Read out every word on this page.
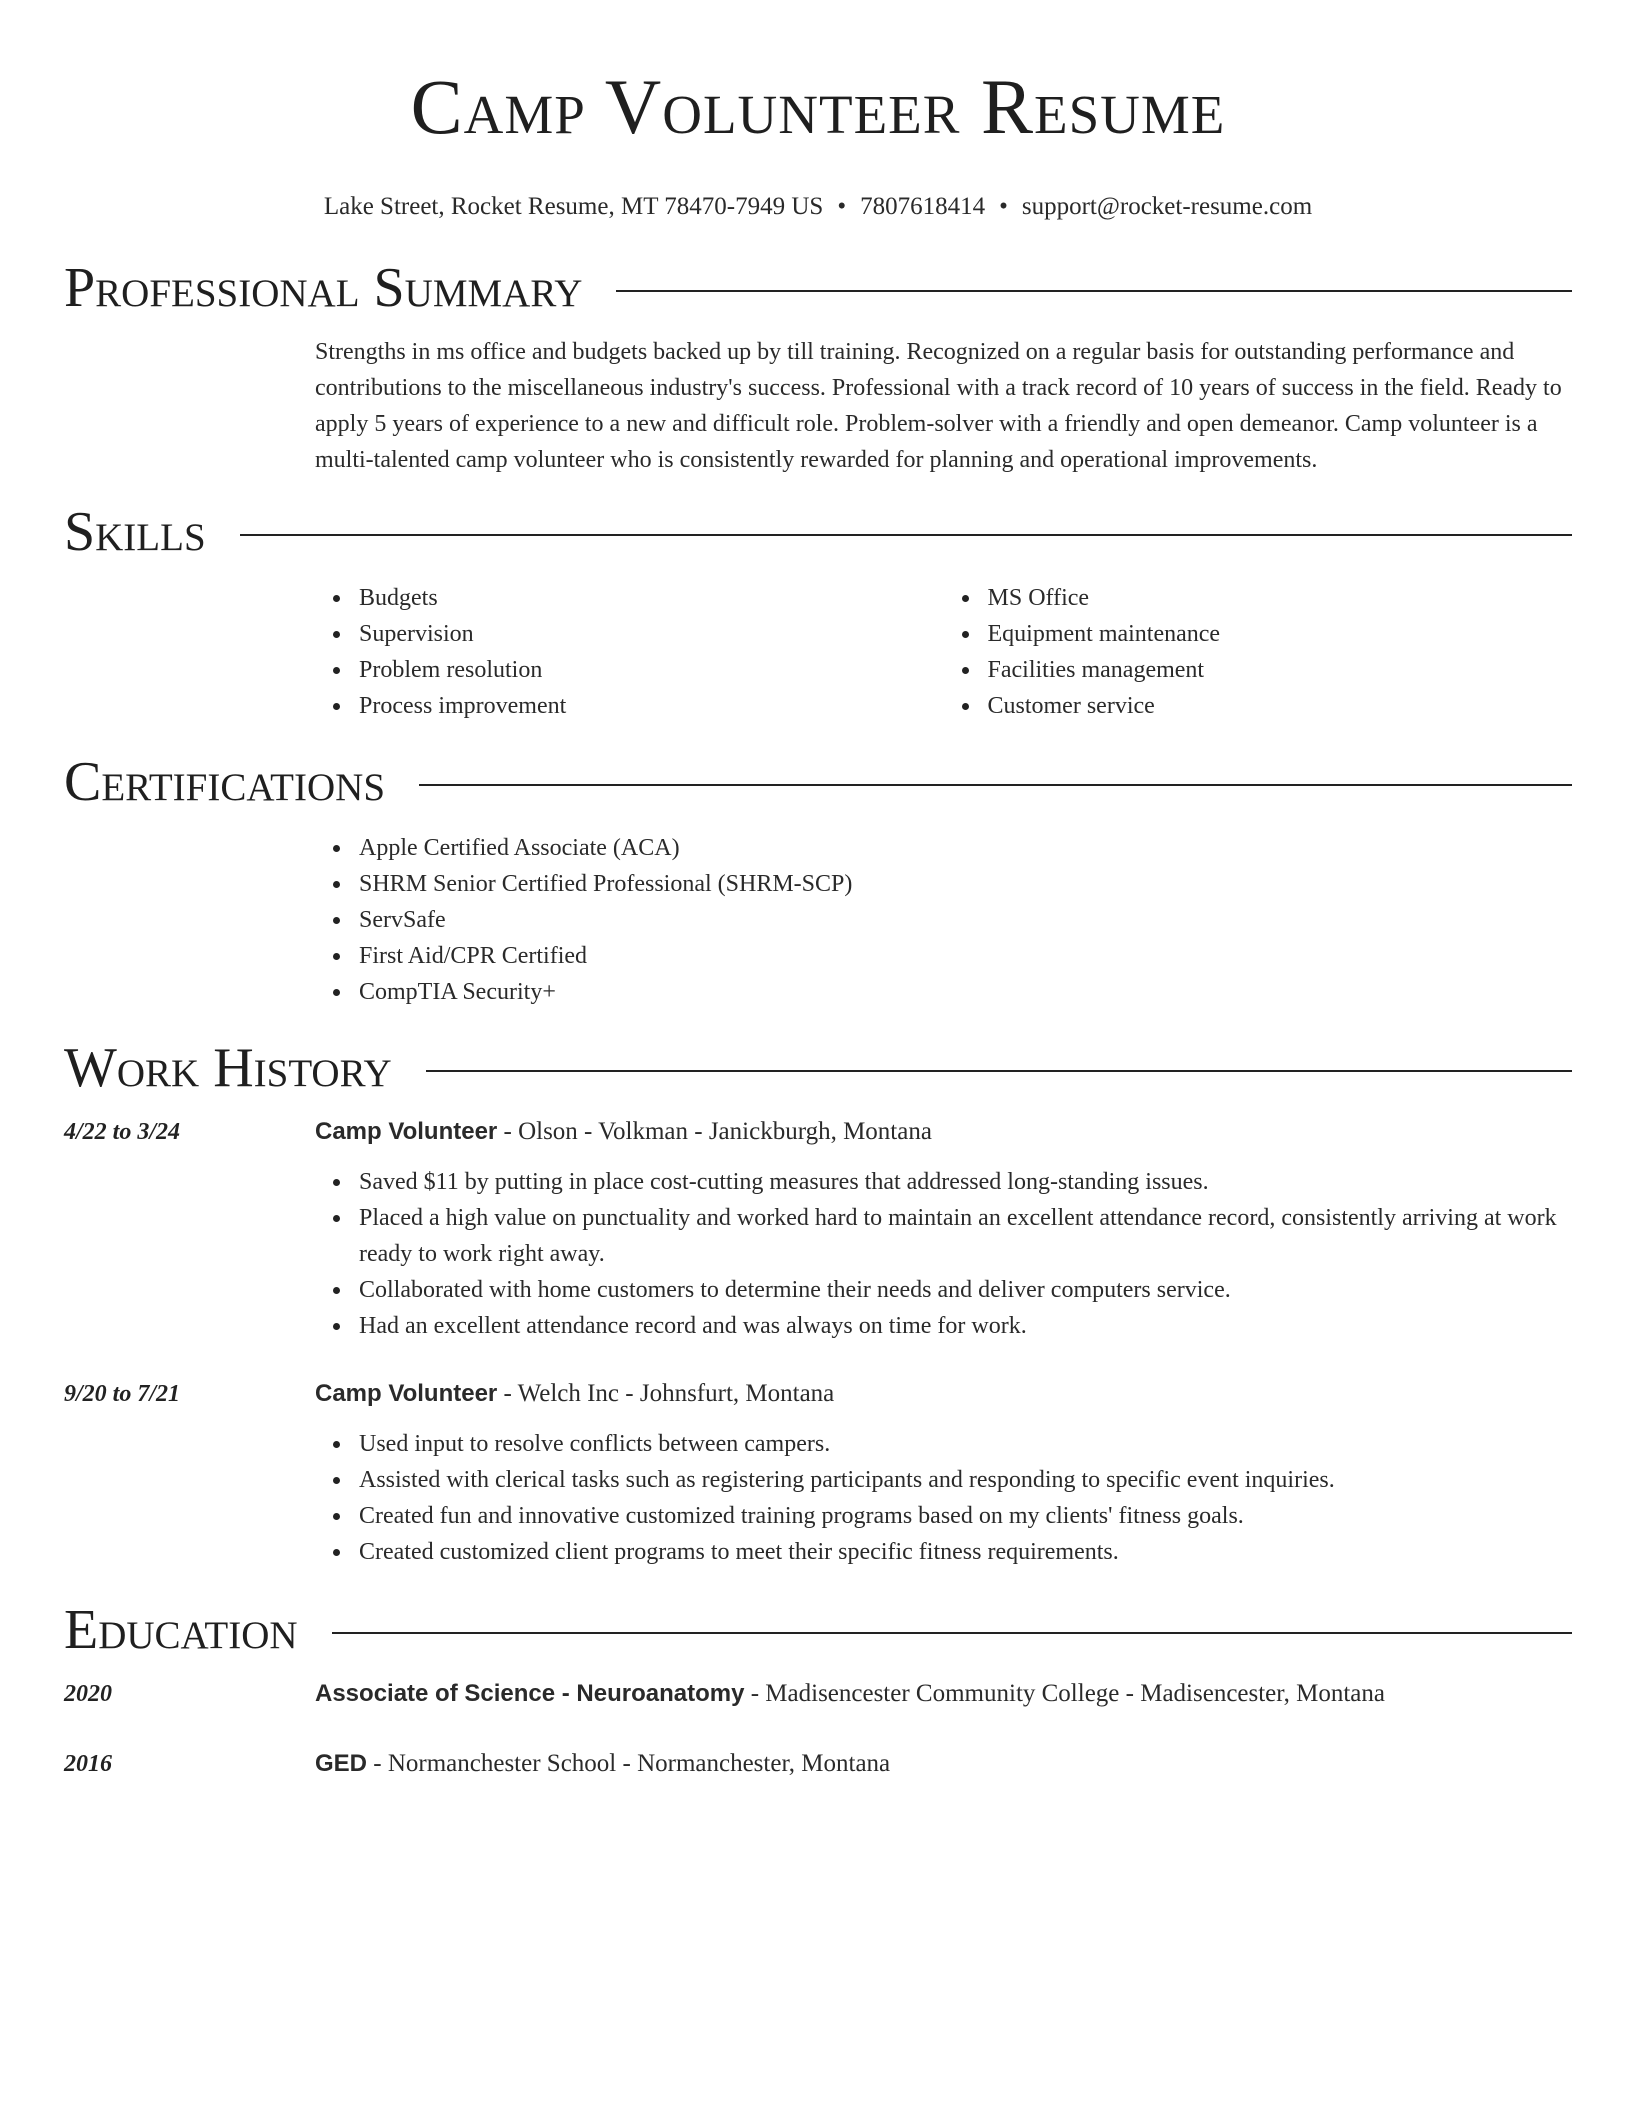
Camp Volunteer Resume
Lake Street, Rocket Resume, MT 78470-7949 US • 7807618414 • support@rocket-resume.com
Professional Summary

Strengths in ms office and budgets backed up by till training. Recognized on a regular basis for outstanding performance and contributions to the miscellaneous industry's success. Professional with a track record of 10 years of success in the field. Ready to apply 5 years of experience to a new and difficult role. Problem-solver with a friendly and open demeanor. Camp volunteer is a multi-talented camp volunteer who is consistently rewarded for planning and operational improvements.

Skills
Budgets
Supervision
Problem resolution
Process improvement
MS Office
Equipment maintenance
Facilities management
Customer service
Certifications
Apple Certified Associate (ACA)
SHRM Senior Certified Professional (SHRM-SCP)
ServSafe
First Aid/CPR Certified
CompTIA Security+
Work History
4/22 to 3/24	Camp Volunteer - Olson - Volkman - Janickburgh, Montana
Saved $11 by putting in place cost-cutting measures that addressed long-standing issues.
Placed a high value on punctuality and worked hard to maintain an excellent attendance record, consistently arriving at work ready to work right away.
Collaborated with home customers to determine their needs and deliver computers service.
Had an excellent attendance record and was always on time for work.
9/20 to 7/21	Camp Volunteer - Welch Inc - Johnsfurt, Montana
Used input to resolve conflicts between campers.
Assisted with clerical tasks such as registering participants and responding to specific event inquiries.
Created fun and innovative customized training programs based on my clients' fitness goals.
Created customized client programs to meet their specific fitness requirements.
Education
2020	Associate of Science - Neuroanatomy - Madisencester Community College - Madisencester, Montana
2016	GED - Normanchester School - Normanchester, Montana
